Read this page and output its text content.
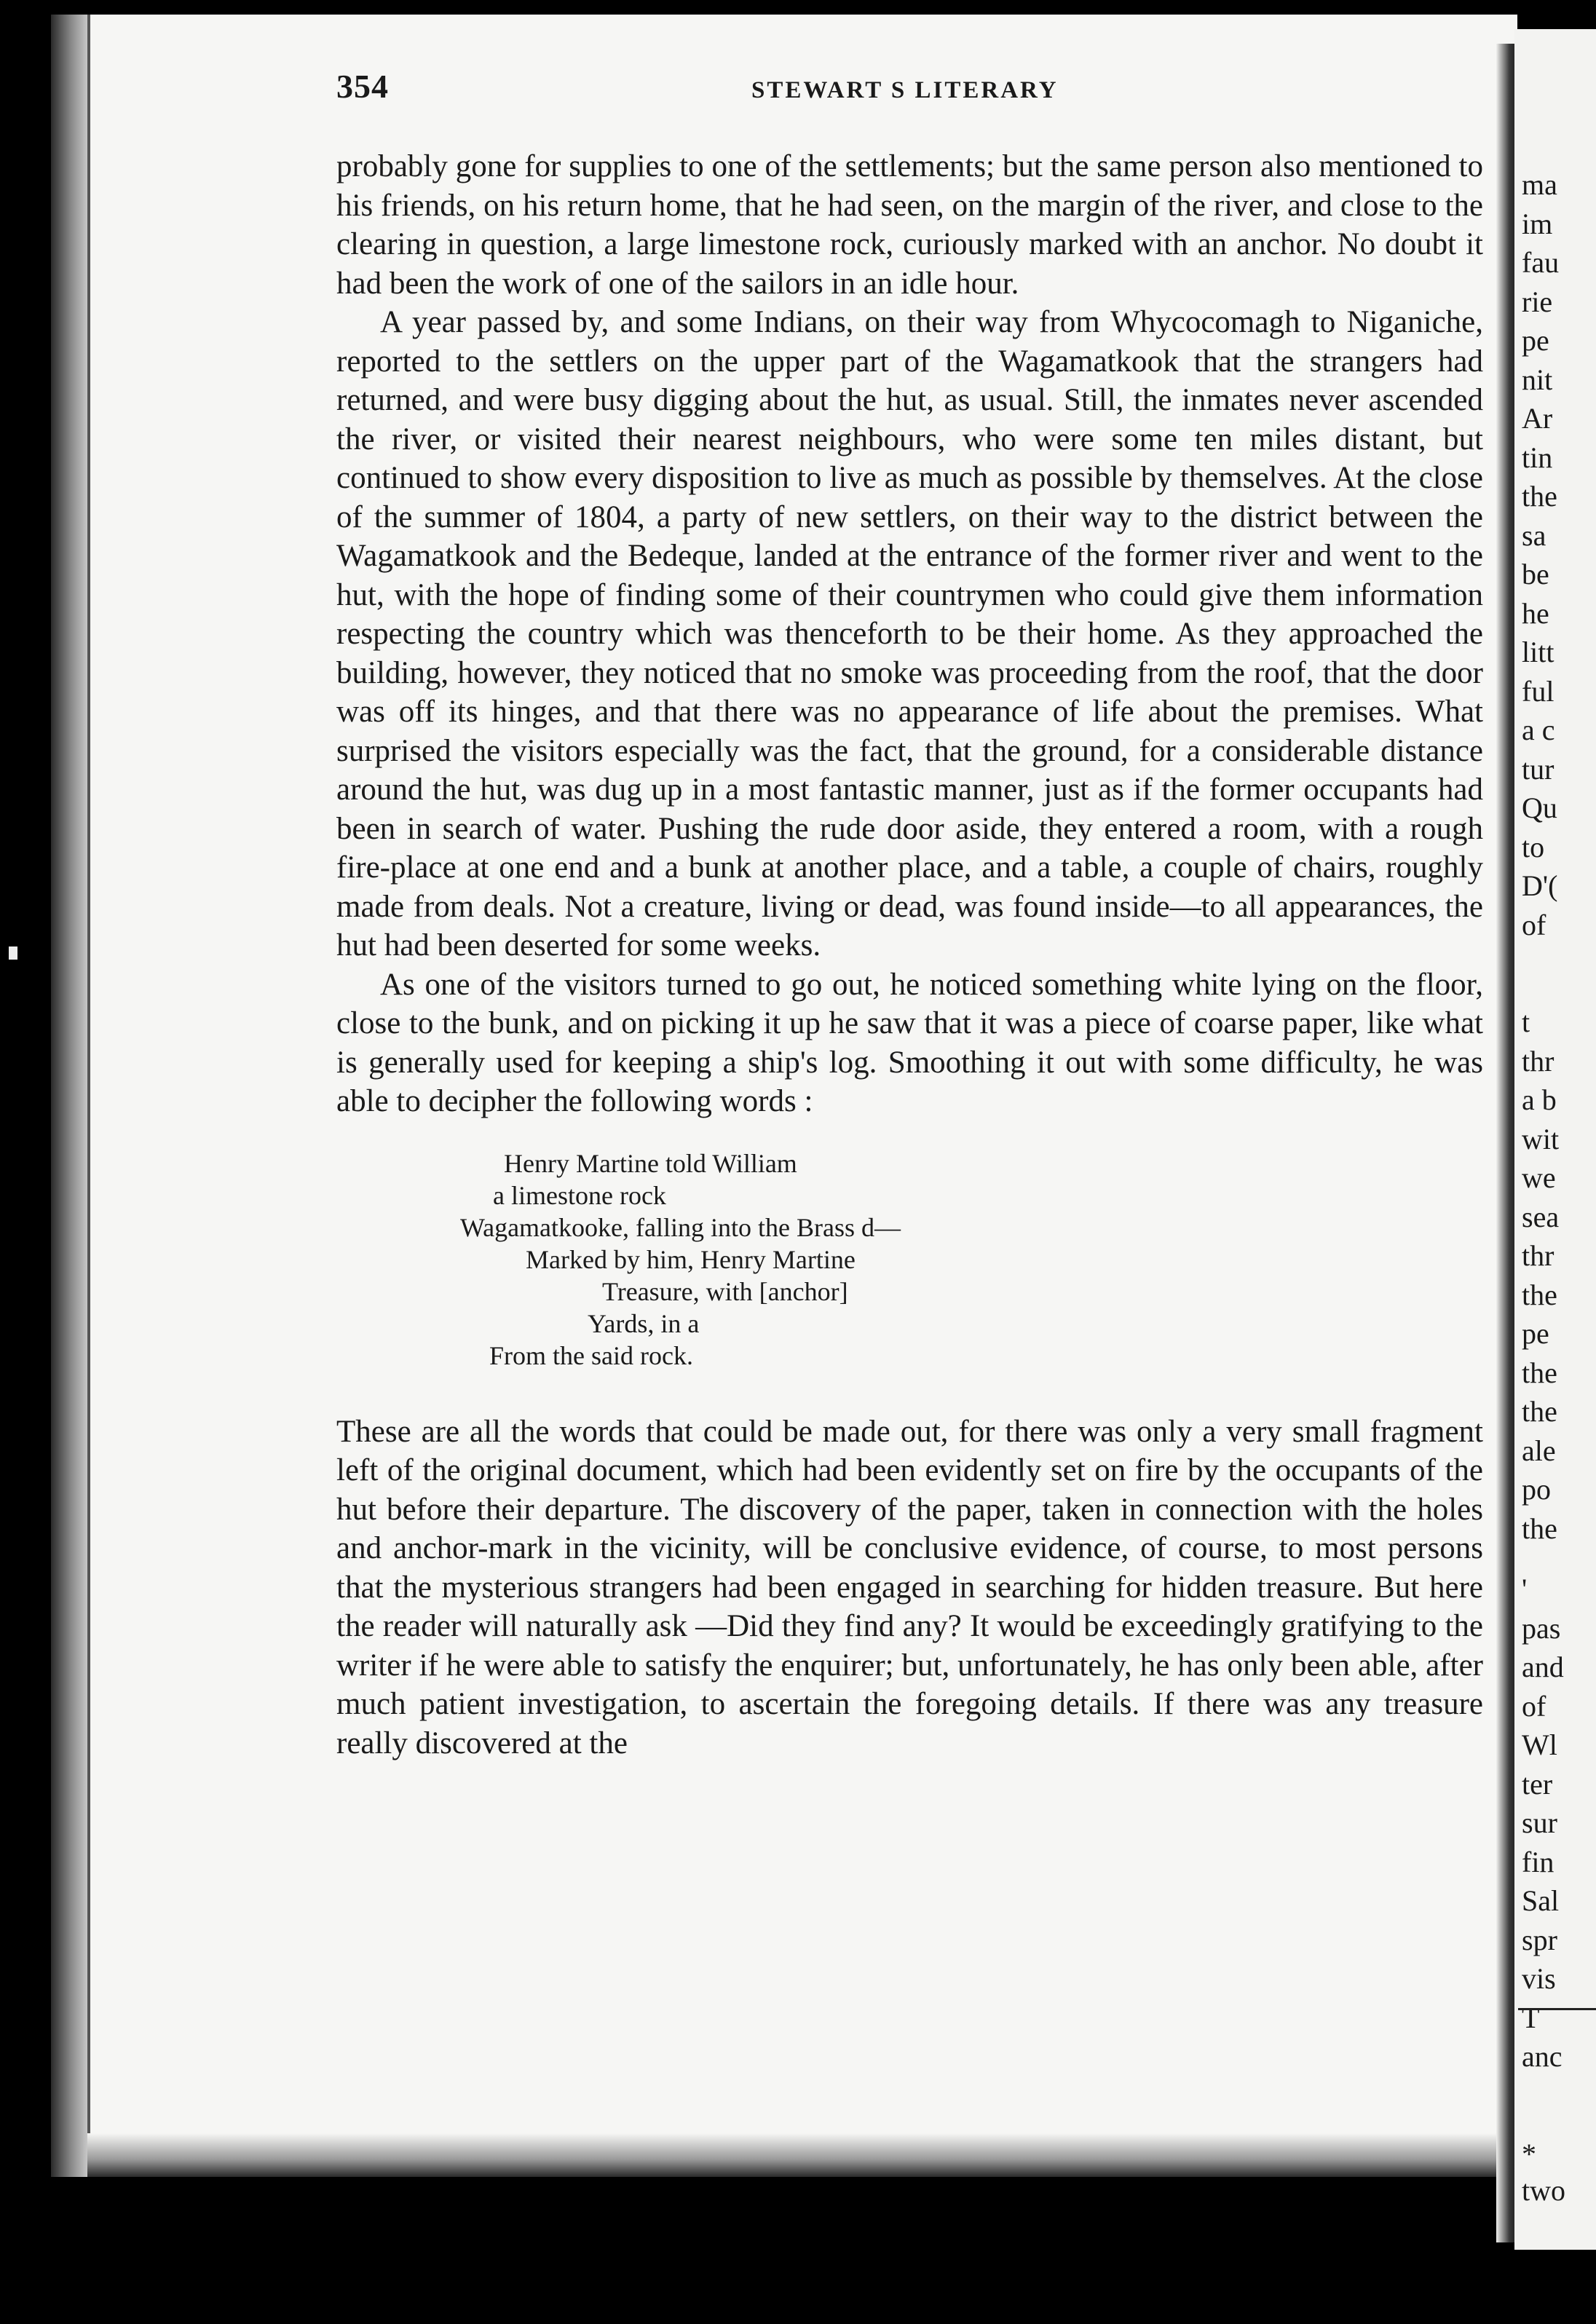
ma
im
fau
rie
pe
nit
Ar
tin
the
sa
be
he
litt
ful
a c
tur
Qu
to
D'(
of
t
thr
a b
wit
we
sea
thr
the
pe
the
the
ale
po
the
'
pas
and
of
Wl
ter
sur
fin
Sal
spr
vis
T
anc
*
two
354	STEWART S LITERARY

probably gone for supplies to one of the settlements; but the same person also mentioned to his friends, on his return home, that he had seen, on the margin of the river, and close to the clearing in question, a large limestone rock, curiously marked with an anchor. No doubt it had been the work of one of the sailors in an idle hour.

A year passed by, and some Indians, on their way from Whycocomagh to Niganiche, reported to the settlers on the upper part of the Wagamatkook that the strangers had returned, and were busy digging about the hut, as usual. Still, the inmates never ascended the river, or visited their nearest neighbours, who were some ten miles distant, but continued to show every disposition to live as much as possible by themselves. At the close of the summer of 1804, a party of new settlers, on their way to the district between the Wagamatkook and the Bedeque, landed at the entrance of the former river and went to the hut, with the hope of finding some of their countrymen who could give them information respecting the country which was thenceforth to be their home. As they approached the building, however, they noticed that no smoke was proceeding from the roof, that the door was off its hinges, and that there was no appearance of life about the premises. What surprised the visitors especially was the fact, that the ground, for a considerable distance around the hut, was dug up in a most fantastic manner, just as if the former occupants had been in search of water. Pushing the rude door aside, they entered a room, with a rough fire-place at one end and a bunk at another place, and a table, a couple of chairs, roughly made from deals. Not a creature, living or dead, was found inside—to all appearances, the hut had been deserted for some weeks.

As one of the visitors turned to go out, he noticed something white lying on the floor, close to the bunk, and on picking it up he saw that it was a piece of coarse paper, like what is generally used for keeping a ship's log. Smoothing it out with some difficulty, he was able to decipher the following words :

Henry Martine told William
a limestone rock
Wagamatkooke, falling into the Brass d—
Marked by him, Henry Martine
Treasure, with [anchor]
Yards, in a
From the said rock.

These are all the words that could be made out, for there was only a very small fragment left of the original document, which had been evidently set on fire by the occupants of the hut before their departure. The discovery of the paper, taken in connection with the holes and anchor-mark in the vicinity, will be conclusive evidence, of course, to most persons that the mysterious strangers had been engaged in searching for hidden treasure. But here the reader will naturally ask —Did they find any? It would be exceedingly gratifying to the writer if he were able to satisfy the enquirer; but, unfortunately, he has only been able, after much patient investigation, to ascertain the foregoing details. If there was any treasure really discovered at the
